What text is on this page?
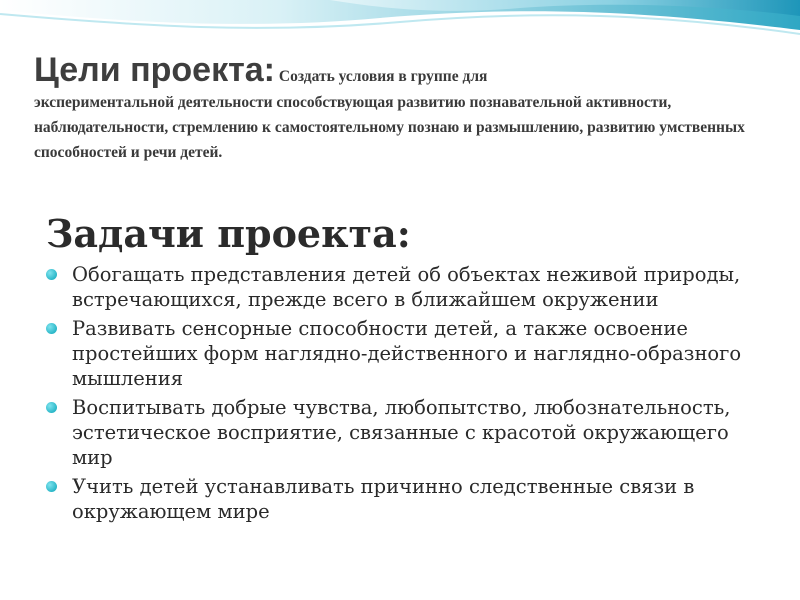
Цели проекта: Создать условия в группе для
экспериментальной деятельности способствующая развитию познавательной активности, наблюдательности, стремлению к самостоятельному познаю и размышлению, развитию умственных способностей и речи детей.
Задачи проекта:
Обогащать представления детей об объектах неживой природы, встречающихся, прежде всего в ближайшем окружении
Развивать сенсорные способности детей, а также освоение простейших форм наглядно-действенного и наглядно-образного мышления
Воспитывать добрые чувства, любопытство, любознательность, эстетическое восприятие, связанные с красотой окружающего мир
Учить детей устанавливать причинно следственные связи в окружающем мире
